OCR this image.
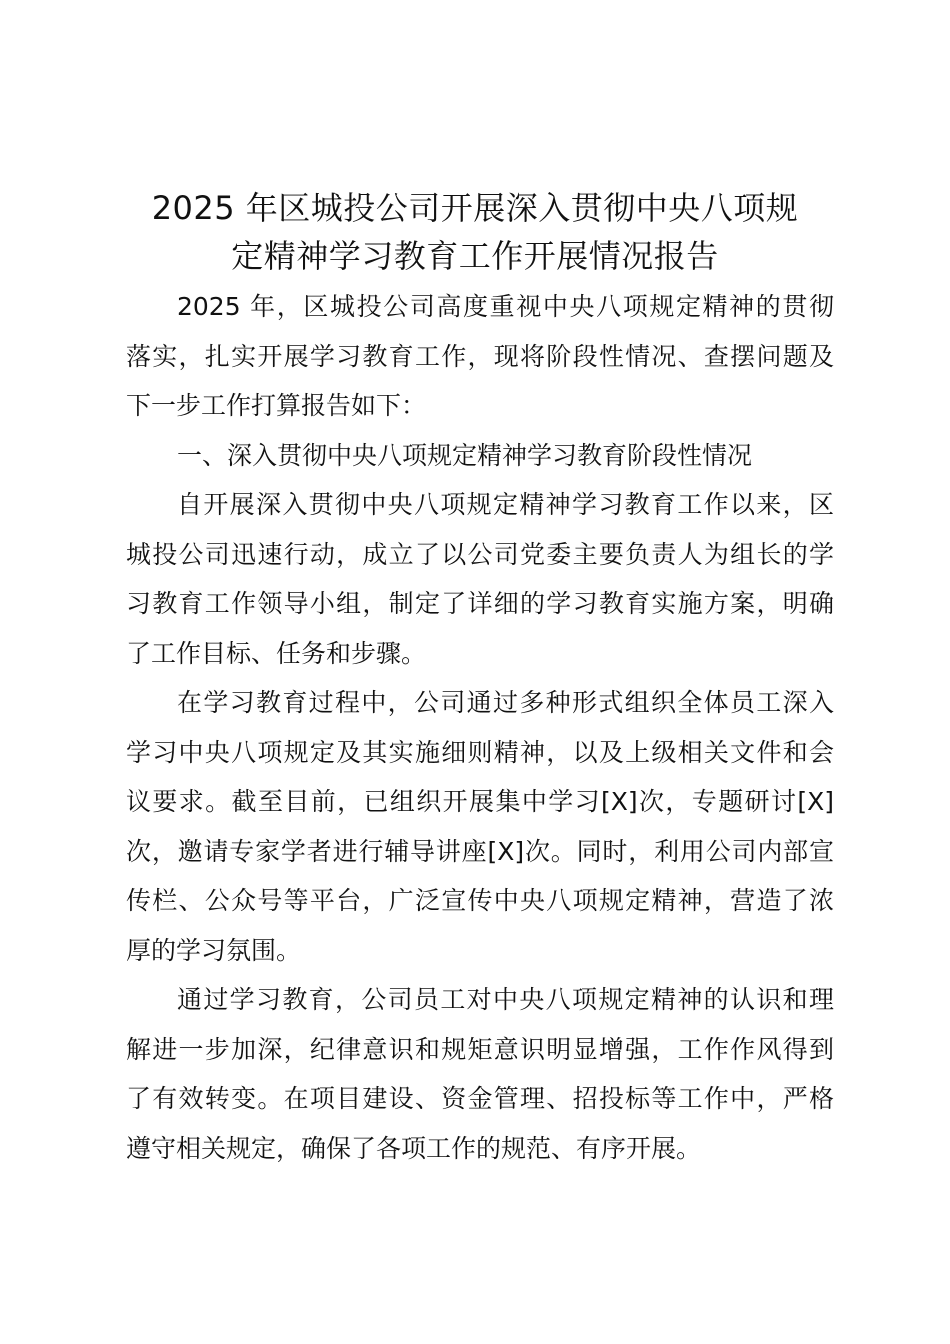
2025 年区城投公司开展深入贯彻中央八项规
定精神学习教育工作开展情况报告
2025 年，区城投公司高度重视中央八项规定精神的贯彻
落实，扎实开展学习教育工作，现将阶段性情况、查摆问题及
下一步工作打算报告如下：
一、深入贯彻中央八项规定精神学习教育阶段性情况
自开展深入贯彻中央八项规定精神学习教育工作以来，区
城投公司迅速行动，成立了以公司党委主要负责人为组长的学
习教育工作领导小组，制定了详细的学习教育实施方案，明确
了工作目标、任务和步骤。
在学习教育过程中，公司通过多种形式组织全体员工深入
学习中央八项规定及其实施细则精神，以及上级相关文件和会
议要求。截至目前，已组织开展集中学习[X]次，专题研讨[X]
次，邀请专家学者进行辅导讲座[X]次。同时，利用公司内部宣
传栏、公众号等平台，广泛宣传中央八项规定精神，营造了浓
厚的学习氛围。
通过学习教育，公司员工对中央八项规定精神的认识和理
解进一步加深，纪律意识和规矩意识明显增强，工作作风得到
了有效转变。在项目建设、资金管理、招投标等工作中，严格
遵守相关规定，确保了各项工作的规范、有序开展。
